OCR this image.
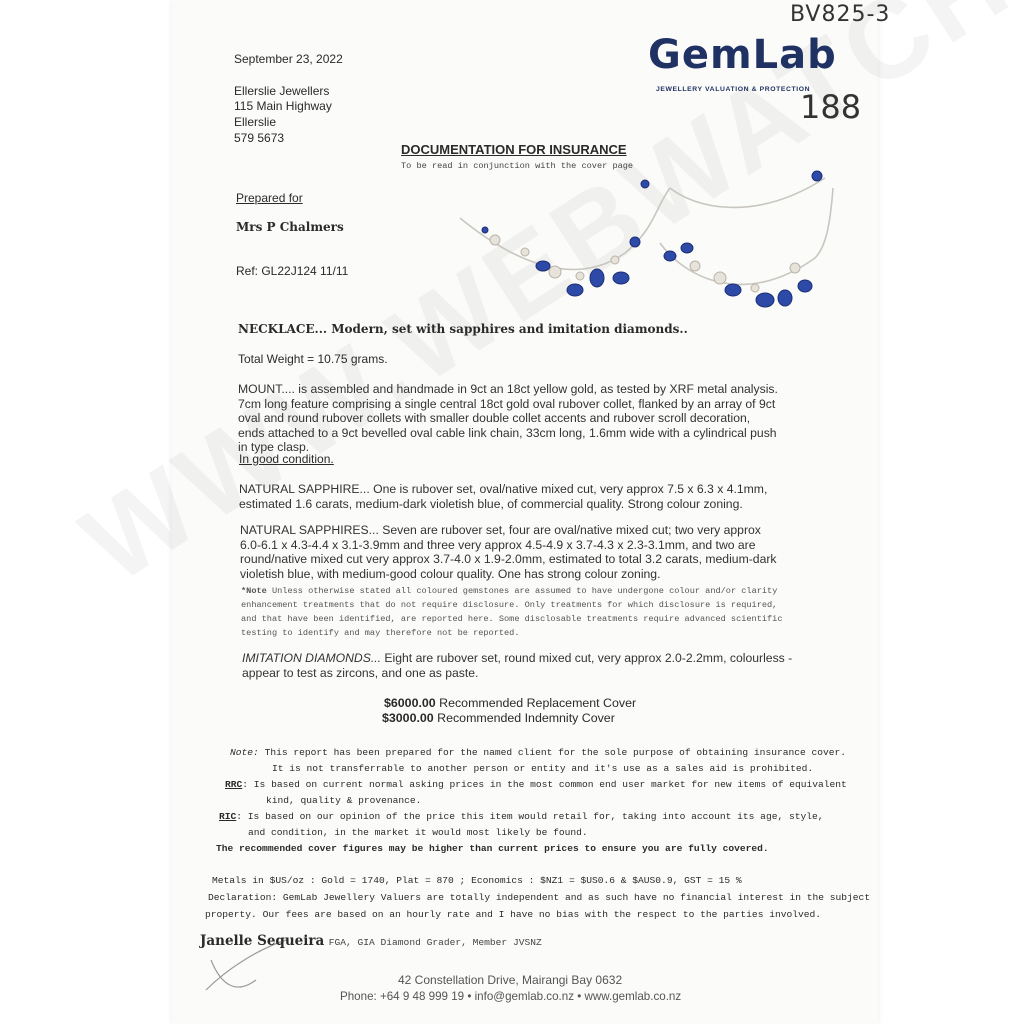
BV825-3
188
GemLab
JEWELLERY VALUATION & PROTECTION
September 23, 2022
Ellerslie Jewellers
115 Main Highway
Ellerslie
579 5673
DOCUMENTATION FOR INSURANCE
To be read in conjunction with the cover page
Prepared for
Mrs P Chalmers
Ref: GL22J124 11/11
NECKLACE... Modern, set with sapphires and imitation diamonds..
Total Weight = 10.75 grams.
MOUNT.... is assembled and handmade in 9ct an 18ct yellow gold, as tested by XRF metal analysis. 7cm long feature comprising a single central 18ct gold oval rubover collet, flanked by an array of 9ct oval and round rubover collets with smaller double collet accents and rubover scroll decoration, ends attached to a 9ct bevelled oval cable link chain, 33cm long, 1.6mm wide with a cylindrical push in type clasp.
In good condition.
NATURAL SAPPHIRE... One is rubover set, oval/native mixed cut, very approx 7.5 x 6.3 x 4.1mm, estimated 1.6 carats, medium-dark violetish blue, of commercial quality. Strong colour zoning.
NATURAL SAPPHIRES... Seven are rubover set, four are oval/native mixed cut; two very approx 6.0-6.1 x 4.3-4.4 x 3.1-3.9mm and three very approx 4.5-4.9 x 3.7-4.3 x 2.3-3.1mm, and two are round/native mixed cut very approx 3.7-4.0 x 1.9-2.0mm, estimated to total 3.2 carats, medium-dark violetish blue, with medium-good colour quality. One has strong colour zoning.
*Note Unless otherwise stated all coloured gemstones are assumed to have undergone colour and/or clarity enhancement treatments that do not require disclosure. Only treatments for which disclosure is required, and that have been identified, are reported here. Some disclosable treatments require advanced scientific testing to identify and may therefore not be reported.
IMITATION DIAMONDS... Eight are rubover set, round mixed cut, very approx 2.0-2.2mm, colourless -
appear to test as zircons, and one as paste.
$6000.00 Recommended Replacement Cover
$3000.00 Recommended Indemnity Cover
Note: This report has been prepared for the named client for the sole purpose of obtaining insurance cover.
It is not transferrable to another person or entity and it's use as a sales aid is prohibited.
RRC: Is based on current normal asking prices in the most common end user market for new items of equivalent
kind, quality & provenance.
RIC: Is based on our opinion of the price this item would retail for, taking into account its age, style,
and condition, in the market it would most likely be found.
The recommended cover figures may be higher than current prices to ensure you are fully covered.
Metals in $US/oz : Gold = 1740, Plat = 870 ; Economics : $NZ1 = $US0.6 & $AUS0.9, GST = 15 %
Declaration: GemLab Jewellery Valuers are totally independent and as such have no financial interest in the subject
property. Our fees are based on an hourly rate and I have no bias with the respect to the parties involved.
Janelle Sequeira FGA, GIA Diamond Grader, Member JVSNZ
42 Constellation Drive, Mairangi Bay 0632
Phone: +64 9 48 999 19 • info@gemlab.co.nz • www.gemlab.co.nz
